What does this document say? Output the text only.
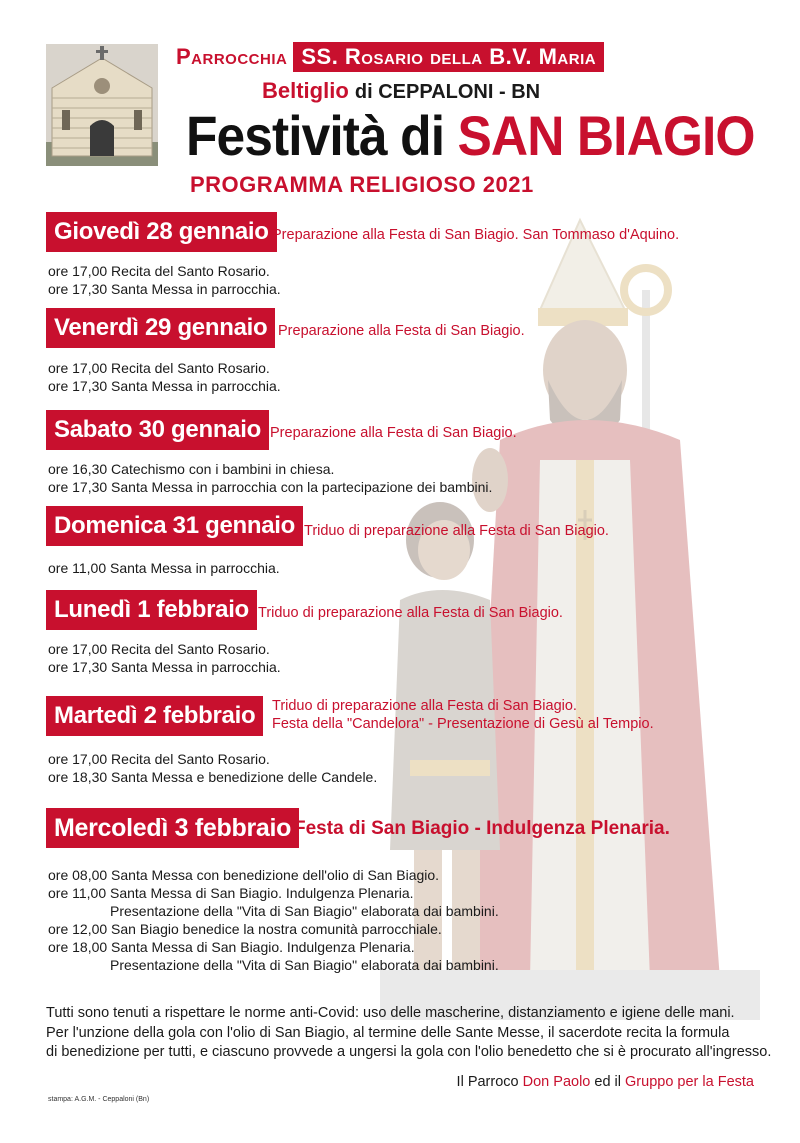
Parrocchia SS. Rosario della B.V. Maria
Beltiglio di CEPPALONI - BN
Festività di SAN BIAGIO
PROGRAMMA RELIGIOSO 2021
Giovedì 28 gennaio Preparazione alla Festa di San Biagio. San Tommaso d'Aquino.
ore 17,00 Recita del Santo Rosario.
ore 17,30 Santa Messa in parrocchia.
Venerdì 29 gennaio Preparazione alla Festa di San Biagio.
ore 17,00 Recita del Santo Rosario.
ore 17,30 Santa Messa in parrocchia.
Sabato 30 gennaio Preparazione alla Festa di San Biagio.
ore 16,30 Catechismo con i bambini in chiesa.
ore 17,30 Santa Messa in parrocchia con la partecipazione dei bambini.
Domenica 31 gennaio Triduo di preparazione alla Festa di San Biagio.
ore 11,00 Santa Messa in parrocchia.
Lunedì 1 febbraio Triduo di preparazione alla Festa di San Biagio.
ore 17,00 Recita del Santo Rosario.
ore 17,30 Santa Messa in parrocchia.
Martedì 2 febbraio	Triduo di preparazione alla Festa di San Biagio.
Festa della "Candelora" - Presentazione di Gesù al Tempio.
ore 17,00 Recita del Santo Rosario.
ore 18,30 Santa Messa e benedizione delle Candele.
Mercoledì 3 febbraio Festa di San Biagio - Indulgenza Plenaria.
ore 08,00 Santa Messa con benedizione dell'olio di San Biagio.
ore 11,00 Santa Messa di San Biagio. Indulgenza Plenaria.
Presentazione della "Vita di San Biagio" elaborata dai bambini.
ore 12,00 San Biagio benedice la nostra comunità parrocchiale.
ore 18,00 Santa Messa di San Biagio. Indulgenza Plenaria.
Presentazione della "Vita di San Biagio" elaborata dai bambini.
Tutti sono tenuti a rispettare le norme anti-Covid: uso delle mascherine, distanziamento e igiene delle mani.
Per l'unzione della gola con l'olio di San Biagio, al termine delle Sante Messe, il sacerdote recita la formula
di benedizione per tutti, e ciascuno provvede a ungersi la gola con l'olio benedetto che si è procurato all'ingresso.
Il Parroco Don Paolo ed il Gruppo per la Festa
stampa: A.G.M. - Ceppaloni (Bn)
